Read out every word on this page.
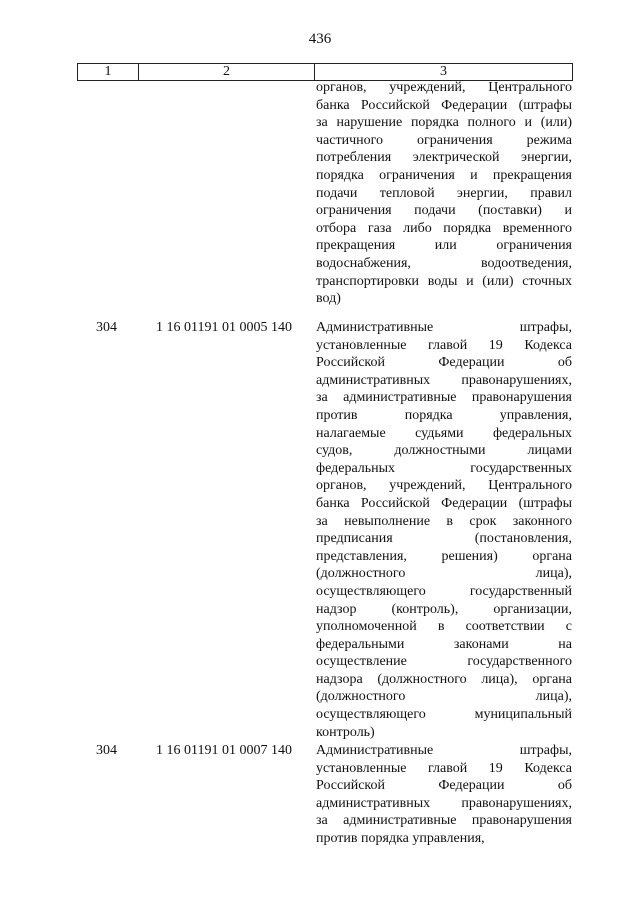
436
1	2	3
органов, учреждений, Центрального
банка Российской Федерации (штрафы
за нарушение порядка полного и (или)
частичного ограничения режима
потребления электрической энергии,
порядка ограничения и прекращения
подачи тепловой энергии, правил
ограничения подачи (поставки) и
отбора газа либо порядка временного
прекращения или ограничения
водоснабжения, водоотведения,
транспортировки воды и (или) сточных
вод)
304	1 16 01191 01 0005 140 Административные штрафы,
установленные главой 19 Кодекса
Российской Федерации об
административных правонарушениях,
за административные правонарушения
против порядка управления,
налагаемые судьями федеральных
судов, должностными лицами
федеральных государственных
органов, учреждений, Центрального
банка Российской Федерации (штрафы
за невыполнение в срок законного
предписания (постановления,
представления, решения) органа
(должностного лица),
осуществляющего государственный
надзор (контроль), организации,
уполномоченной в соответствии с
федеральными законами на
осуществление государственного
надзора (должностного лица), органа
(должностного лица),
осуществляющего муниципальный
контроль)
304	1 16 01191 01 0007 140 Административные штрафы,
установленные главой 19 Кодекса
Российской Федерации об
административных правонарушениях,
за административные правонарушения
против порядка управления,
